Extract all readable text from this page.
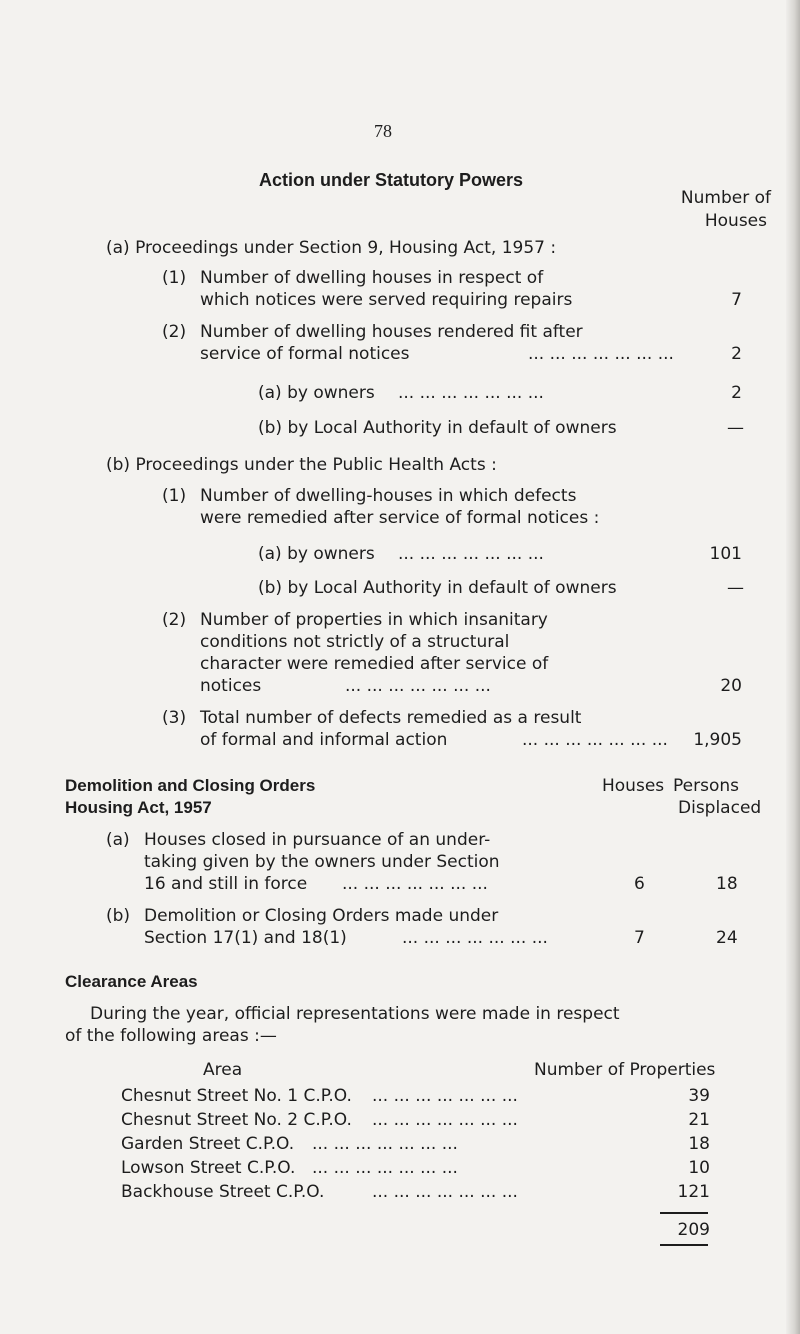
78
Action under Statutory Powers
Number of
Houses
(a) Proceedings under Section 9, Housing Act, 1957 :
(1) Number of dwelling houses in respect of
which notices were served requiring repairs	7
(2) Number of dwelling houses rendered fit after
service of formal notices	... ... ... ... ... ... ...	2
(a) by owners ... ... ... ... ... ... ...	2
(b) by Local Authority in default of owners	—
(b) Proceedings under the Public Health Acts :
(1) Number of dwelling-houses in which defects
were remedied after service of formal notices :
(a) by owners ... ... ... ... ... ... ...	101
(b) by Local Authority in default of owners	—
(2) Number of properties in which insanitary
conditions not strictly of a structural
character were remedied after service of
notices	... ... ... ... ... ... ...	20
(3) Total number of defects remedied as a result
of formal and informal action	... ... ... ... ... ... ...	1,905
Demolition and Closing Orders
Housing Act, 1957
Houses Persons
Displaced
(a) Houses closed in pursuance of an under-
taking given by the owners under Section
16 and still in force ... ... ... ... ... ... ...	6	18
(b) Demolition or Closing Orders made under
Section 17(1) and 18(1)	... ... ... ... ... ... ...	7	24
Clearance Areas
During the year, official representations were made in respect
of the following areas :—
Area	Number of Properties
Chesnut Street No. 1 C.P.O. ... ... ... ... ... ... ...	39
Chesnut Street No. 2 C.P.O. ... ... ... ... ... ... ...	21
Garden Street C.P.O. ... ... ... ... ... ... ...	18
Lowson Street C.P.O. ... ... ... ... ... ... ...	10
Backhouse Street C.P.O.	... ... ... ... ... ... ...	121
209
